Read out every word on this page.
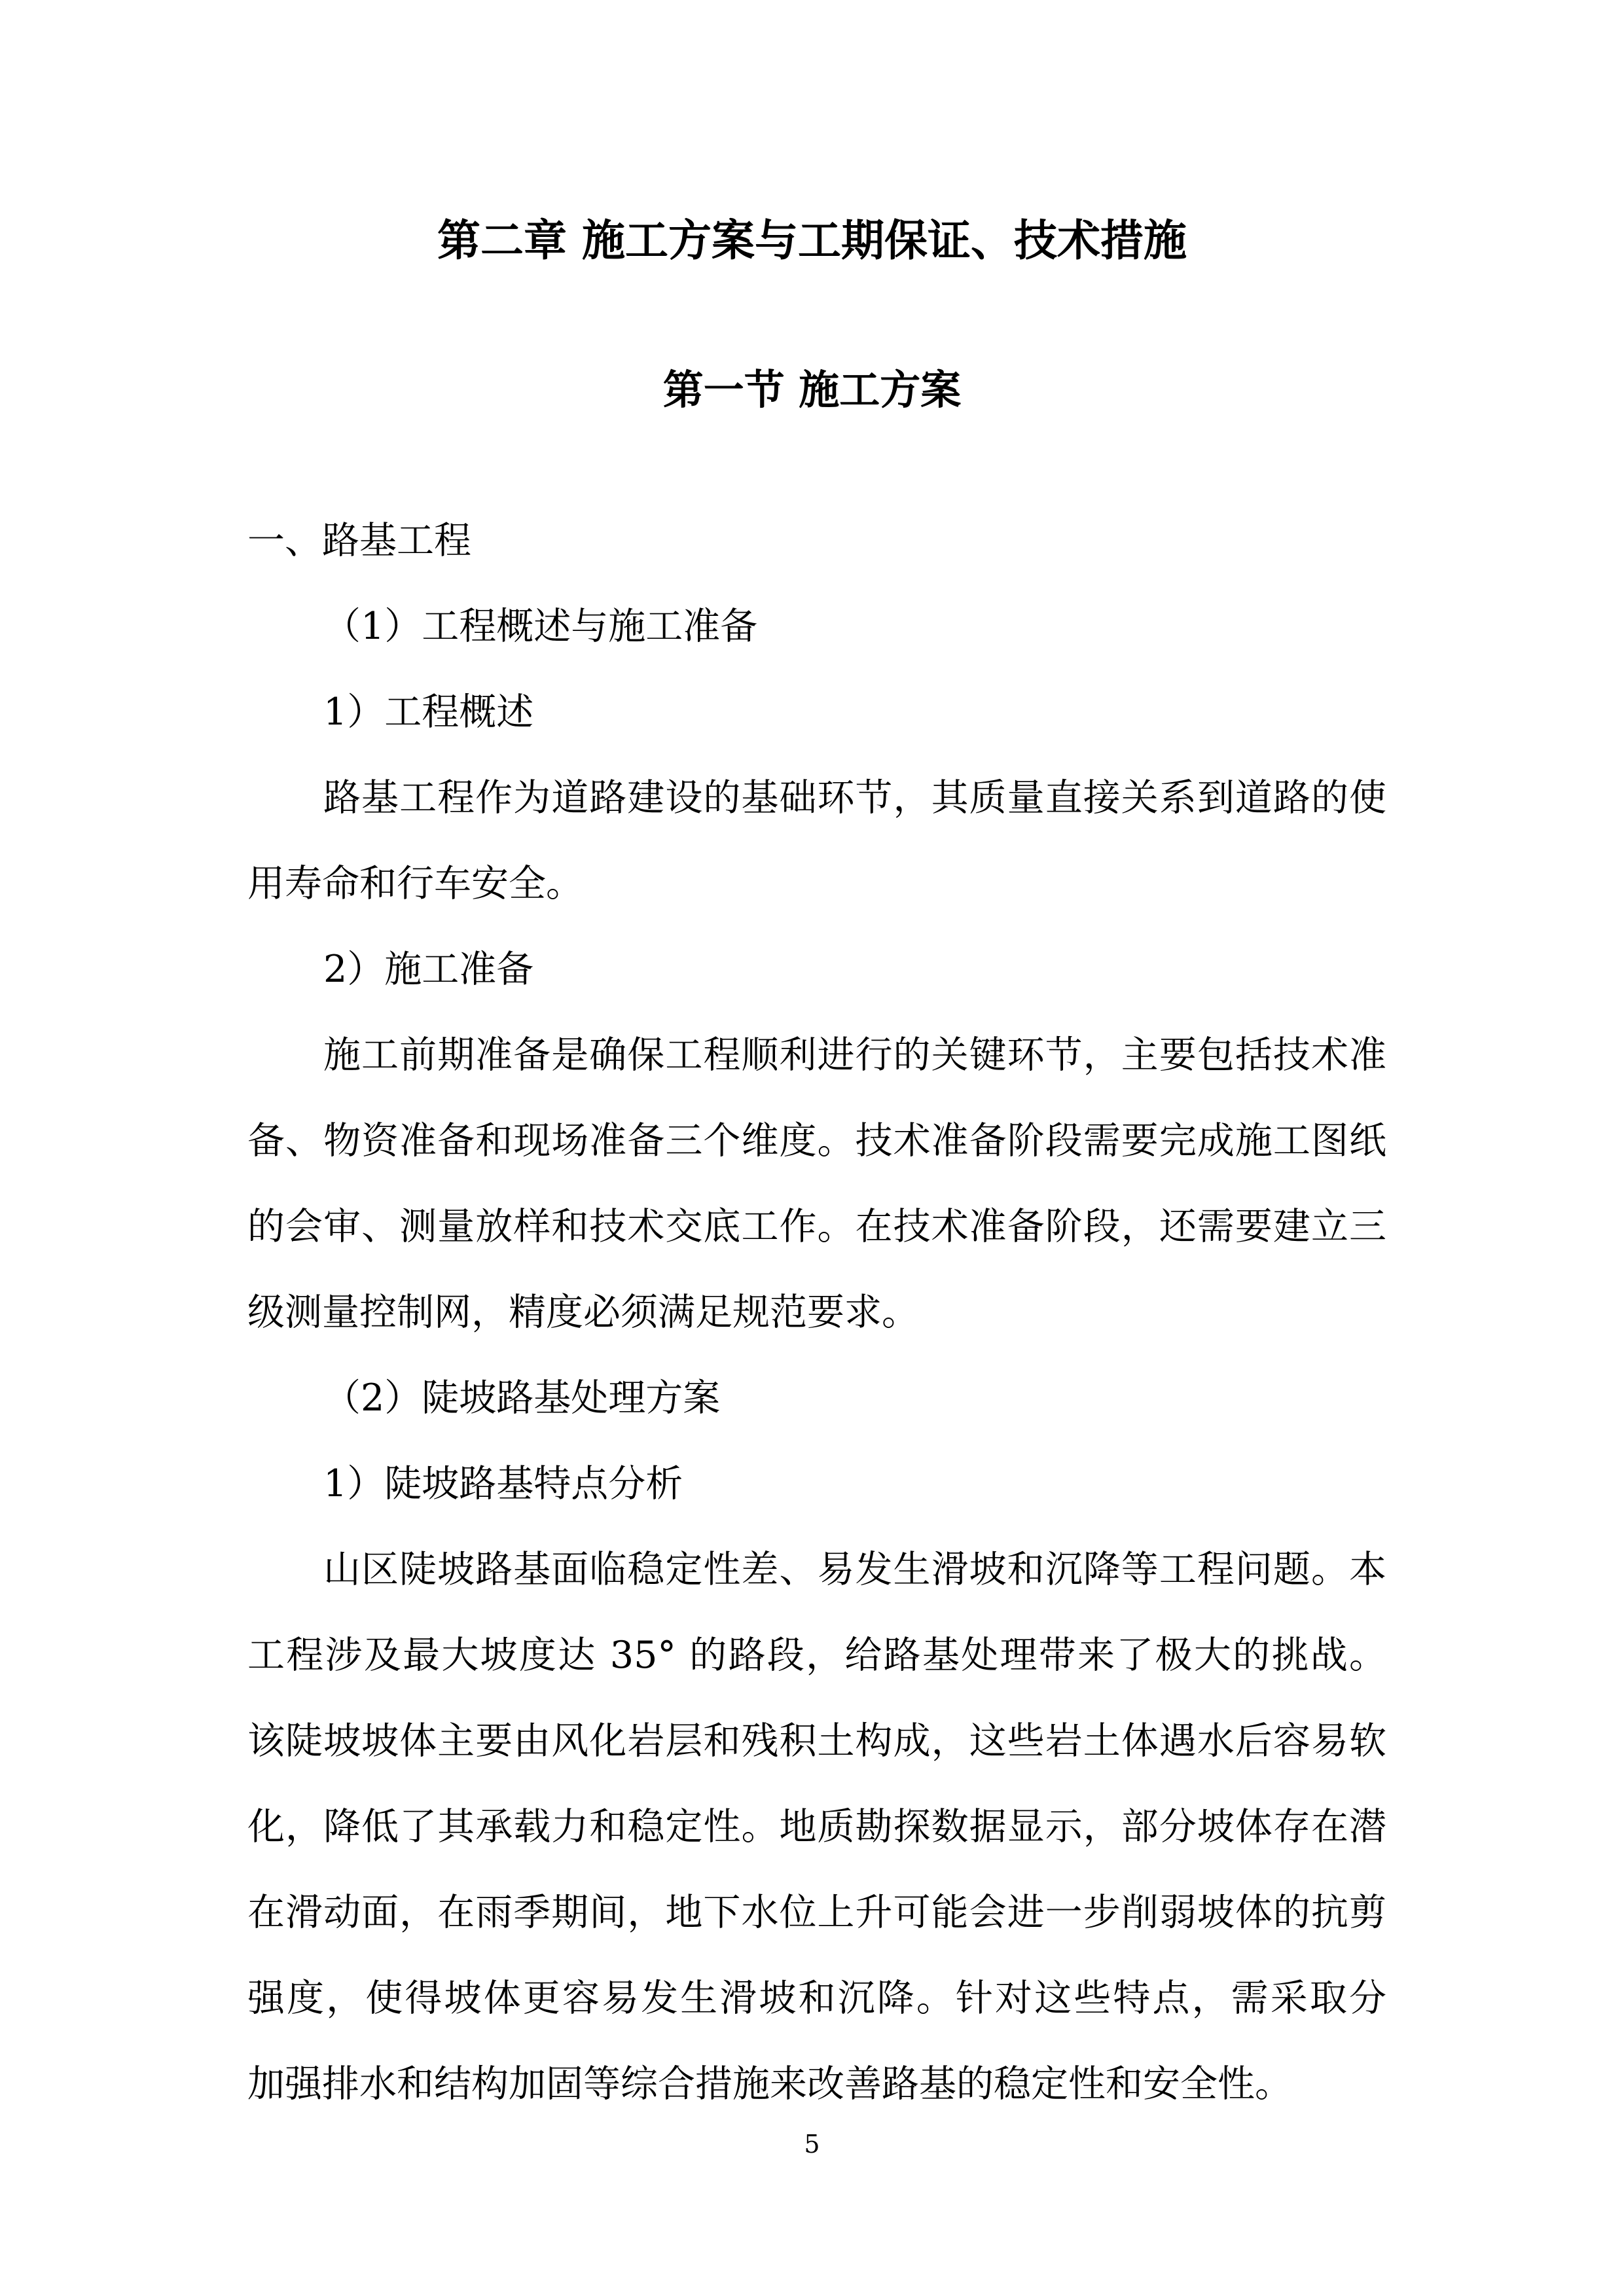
第二章 施工方案与工期保证、技术措施
第一节 施工方案
一、路基工程
（1）工程概述与施工准备
1）工程概述
路基工程作为道路建设的基础环节，其质量直接关系到道路的使
用寿命和行车安全。
2）施工准备
施工前期准备是确保工程顺利进行的关键环节，主要包括技术准
备、物资准备和现场准备三个维度。技术准备阶段需要完成施工图纸
的会审、测量放样和技术交底工作。在技术准备阶段，还需要建立三
级测量控制网，精度必须满足规范要求。
（2）陡坡路基处理方案
1）陡坡路基特点分析
山区陡坡路基面临稳定性差、易发生滑坡和沉降等工程问题。本
工程涉及最大坡度达 35° 的路段，给路基处理带来了极大的挑战。
该陡坡坡体主要由风化岩层和残积土构成，这些岩土体遇水后容易软
化，降低了其承载力和稳定性。地质勘探数据显示，部分坡体存在潜
在滑动面，在雨季期间，地下水位上升可能会进一步削弱坡体的抗剪
强度，使得坡体更容易发生滑坡和沉降。针对这些特点，需采取分
加强排水和结构加固等综合措施来改善路基的稳定性和安全性。
5
